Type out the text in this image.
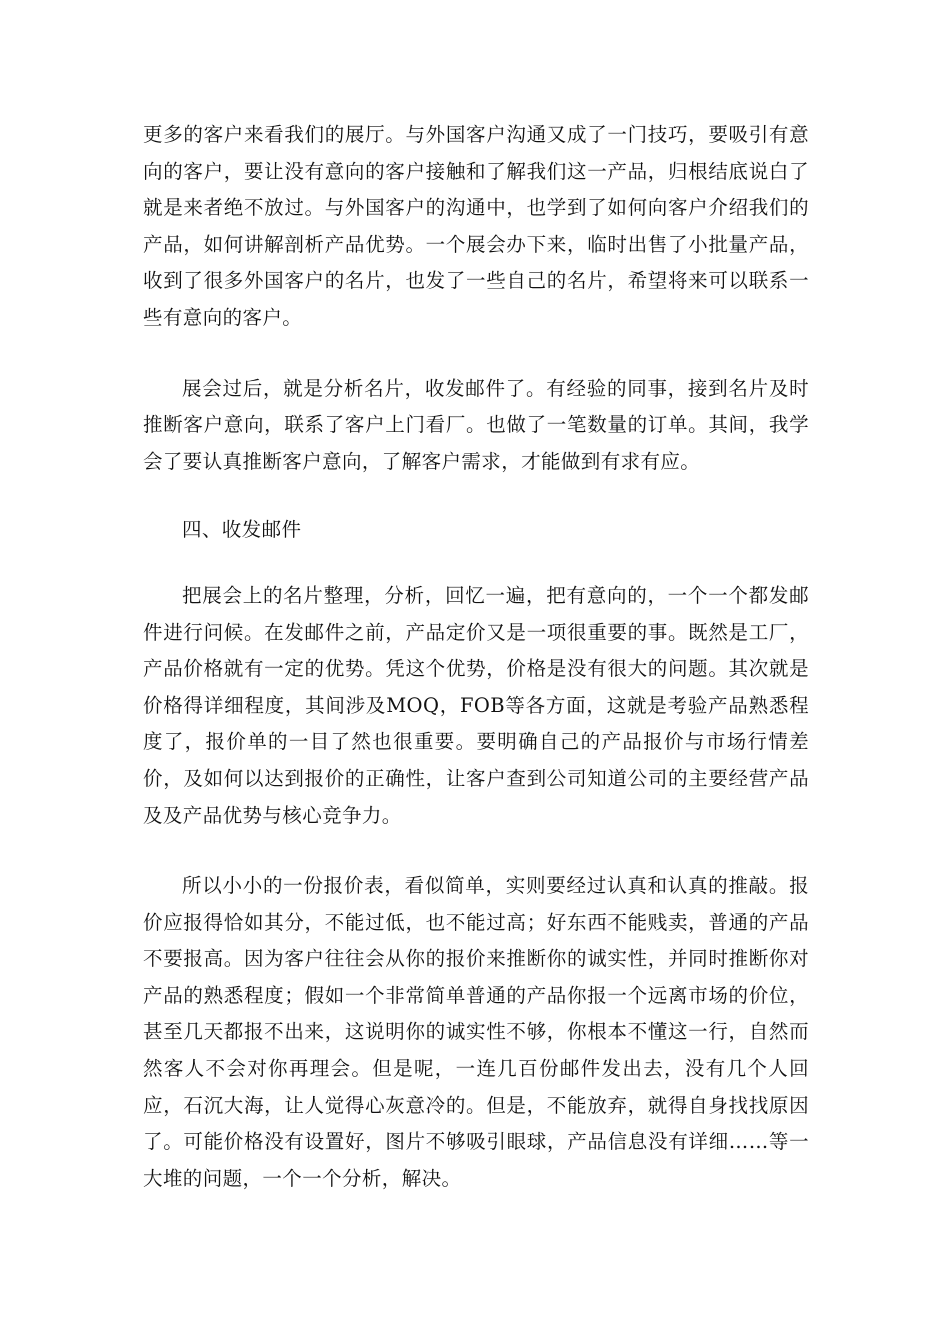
更多的客户来看我们的展厅。与外国客户沟通又成了一门技巧，要吸引有意向的客户，要让没有意向的客户接触和了解我们这一产品，归根结底说白了就是来者绝不放过。与外国客户的沟通中，也学到了如何向客户介绍我们的产品，如何讲解剖析产品优势。一个展会办下来，临时出售了小批量产品，收到了很多外国客户的名片，也发了一些自己的名片，希望将来可以联系一些有意向的客户。

展会过后，就是分析名片，收发邮件了。有经验的同事，接到名片及时推断客户意向，联系了客户上门看厂。也做了一笔数量的订单。其间，我学会了要认真推断客户意向，了解客户需求，才能做到有求有应。

四、收发邮件

把展会上的名片整理，分析，回忆一遍，把有意向的，一个一个都发邮件进行问候。在发邮件之前，产品定价又是一项很重要的事。既然是工厂，产品价格就有一定的优势。凭这个优势，价格是没有很大的问题。其次就是价格得详细程度，其间涉及MOQ，FOB等各方面，这就是考验产品熟悉程度了，报价单的一目了然也很重要。要明确自己的产品报价与市场行情差价，及如何以达到报价的正确性，让客户查到公司知道公司的主要经营产品及及产品优势与核心竞争力。

所以小小的一份报价表，看似简单，实则要经过认真和认真的推敲。报价应报得恰如其分，不能过低，也不能过高；好东西不能贱卖，普通的产品不要报高。因为客户往往会从你的报价来推断你的诚实性，并同时推断你对产品的熟悉程度；假如一个非常简单普通的产品你报一个远离市场的价位，甚至几天都报不出来，这说明你的诚实性不够，你根本不懂这一行，自然而然客人不会对你再理会。但是呢，一连几百份邮件发出去，没有几个人回应，石沉大海，让人觉得心灰意冷的。但是，不能放弃，就得自身找找原因了。可能价格没有设置好，图片不够吸引眼球，产品信息没有详细……等一大堆的问题，一个一个分析，解决。
